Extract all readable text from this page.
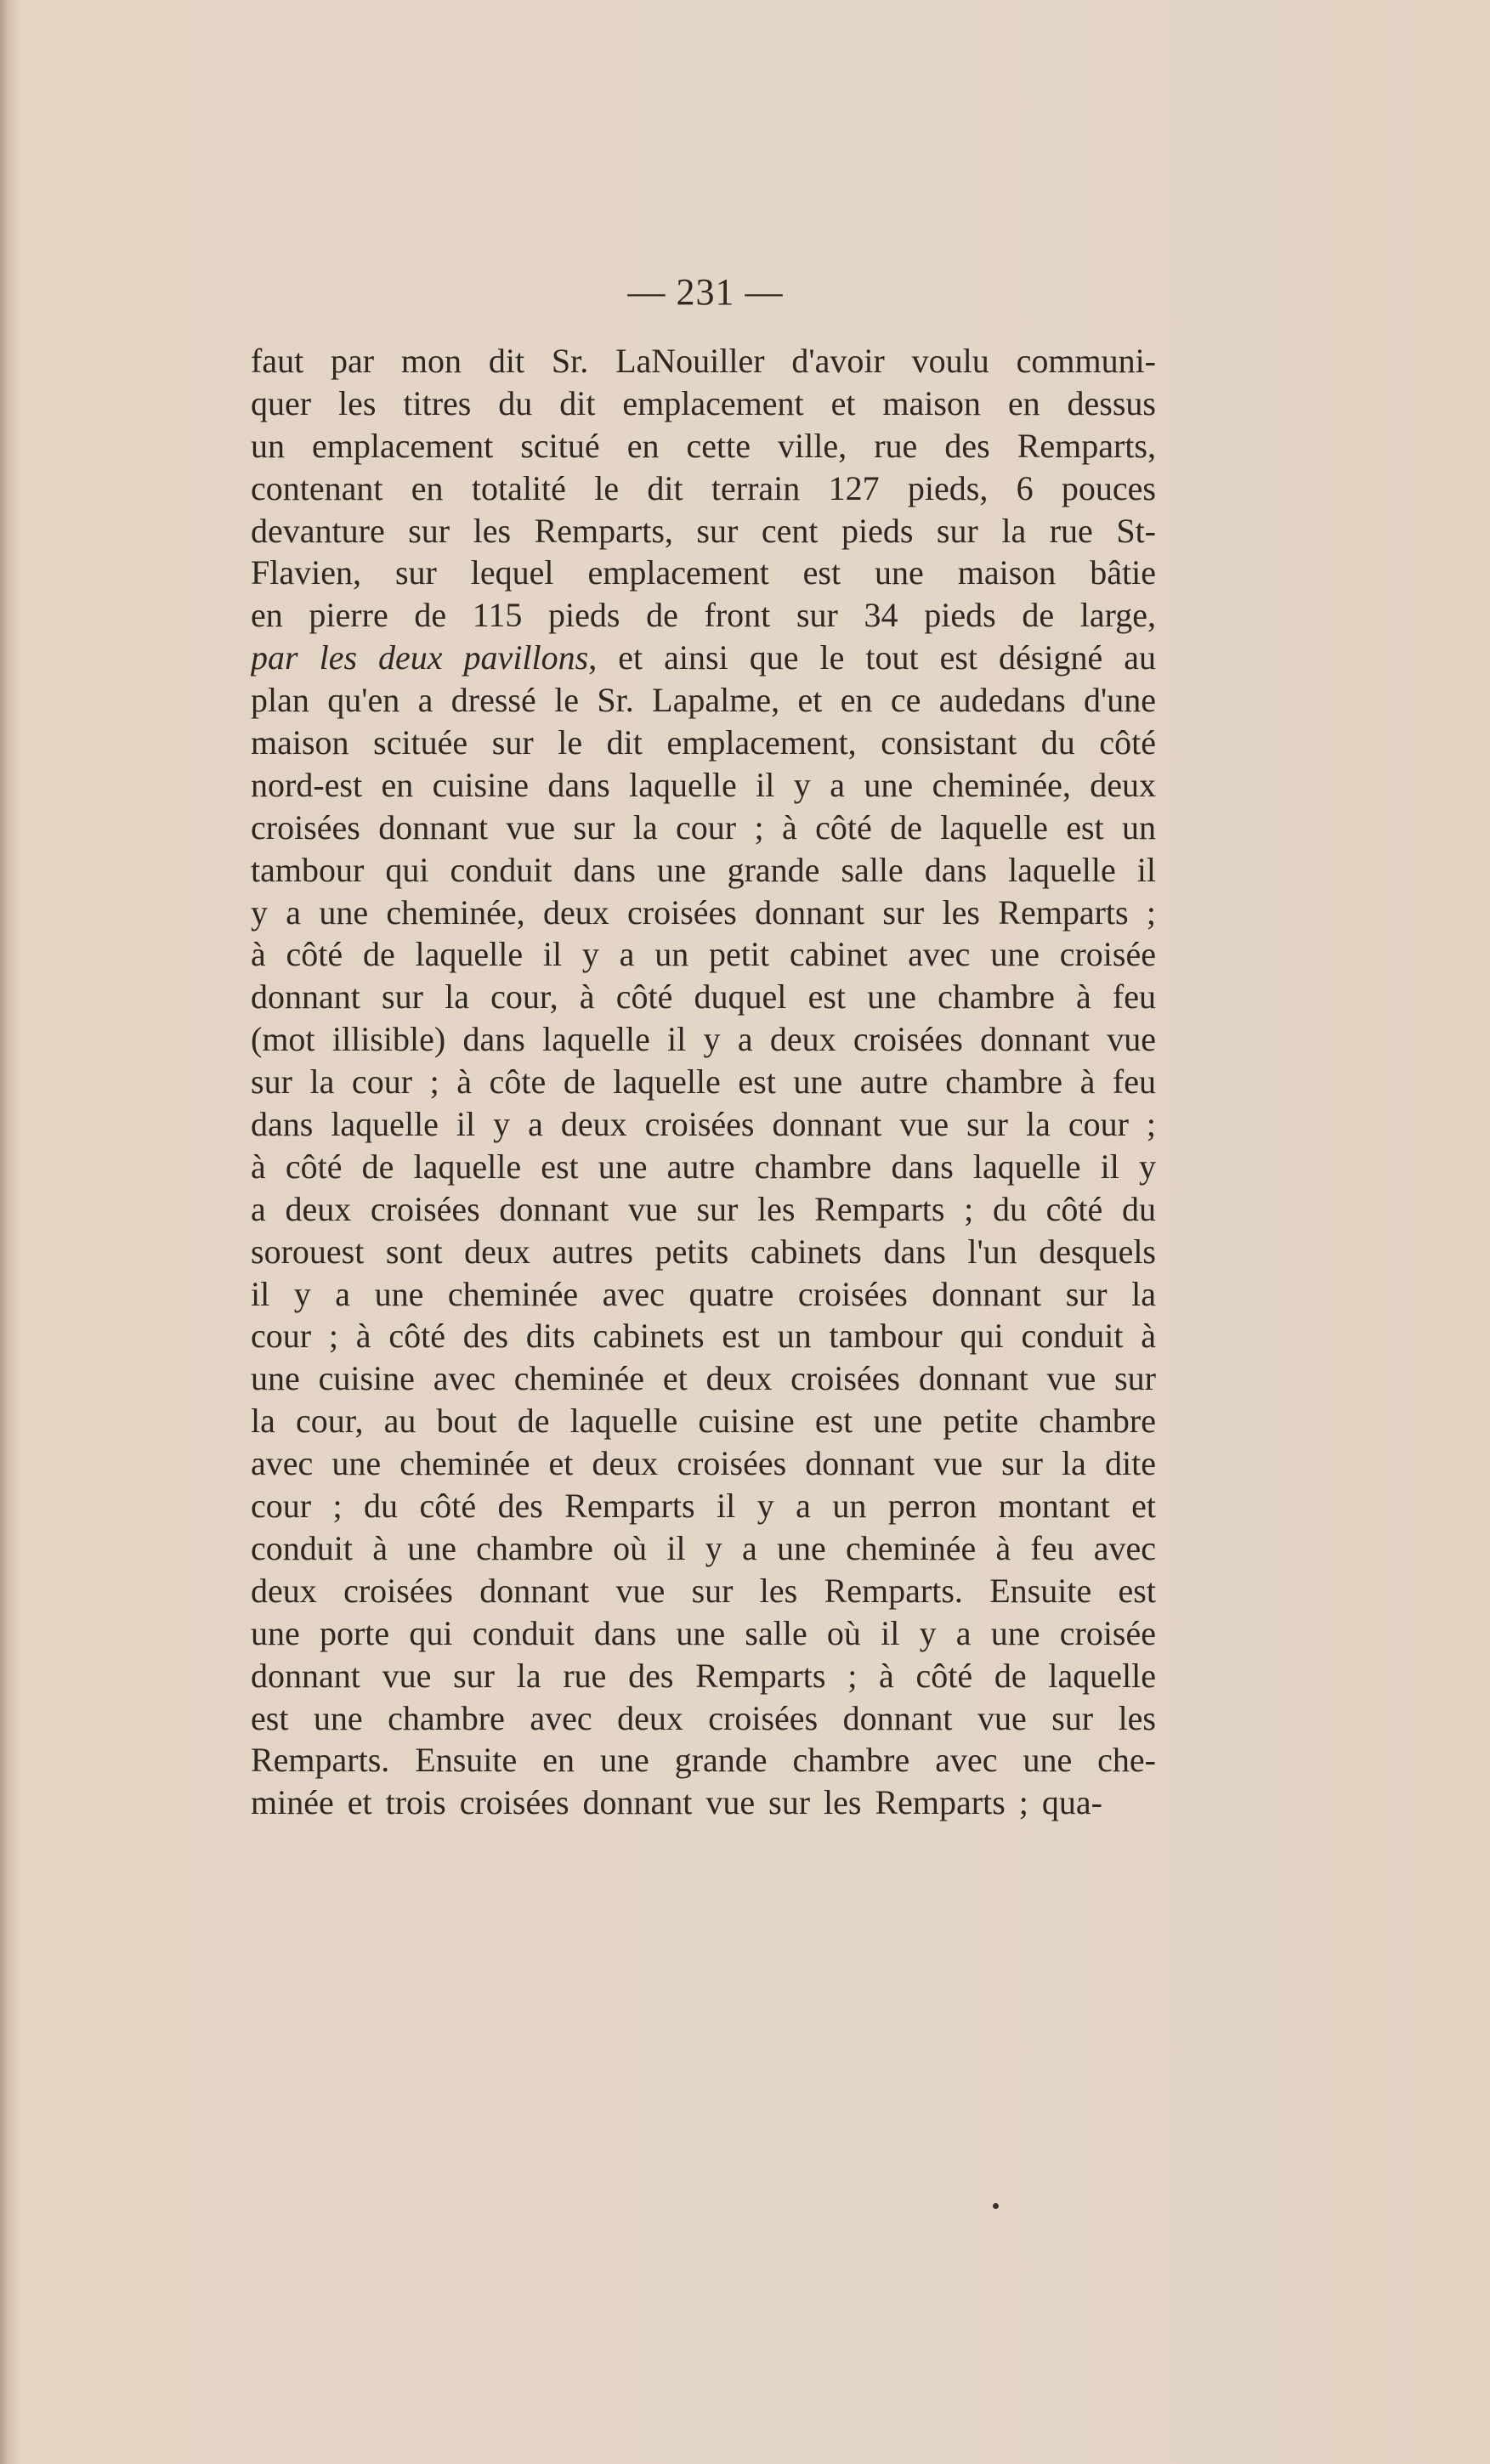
— 231 —
faut par mon dit Sr. LaNouiller d'avoir voulu communi-
quer les titres du dit emplacement et maison en dessus
un emplacement scitué en cette ville, rue des Remparts,
contenant en totalité le dit terrain 127 pieds, 6 pouces
devanture sur les Remparts, sur cent pieds sur la rue St-
Flavien, sur lequel emplacement est une maison bâtie
en pierre de 115 pieds de front sur 34 pieds de large,
par les deux pavillons, et ainsi que le tout est désigné au
plan qu'en a dressé le Sr. Lapalme, et en ce audedans d'une
maison scituée sur le dit emplacement, consistant du côté
nord-est en cuisine dans laquelle il y a une cheminée, deux
croisées donnant vue sur la cour ; à côté de laquelle est un
tambour qui conduit dans une grande salle dans laquelle il
y a une cheminée, deux croisées donnant sur les Remparts ;
à côté de laquelle il y a un petit cabinet avec une croisée
donnant sur la cour, à côté duquel est une chambre à feu
(mot illisible) dans laquelle il y a deux croisées donnant vue
sur la cour ; à côte de laquelle est une autre chambre à feu
dans laquelle il y a deux croisées donnant vue sur la cour ;
à côté de laquelle est une autre chambre dans laquelle il y
a deux croisées donnant vue sur les Remparts ; du côté du
sorouest sont deux autres petits cabinets dans l'un desquels
il y a une cheminée avec quatre croisées donnant sur la
cour ; à côté des dits cabinets est un tambour qui conduit à
une cuisine avec cheminée et deux croisées donnant vue sur
la cour, au bout de laquelle cuisine est une petite chambre
avec une cheminée et deux croisées donnant vue sur la dite
cour ; du côté des Remparts il y a un perron montant et
conduit à une chambre où il y a une cheminée à feu avec
deux croisées donnant vue sur les Remparts. Ensuite est
une porte qui conduit dans une salle où il y a une croisée
donnant vue sur la rue des Remparts ; à côté de laquelle
est une chambre avec deux croisées donnant vue sur les
Remparts. Ensuite en une grande chambre avec une che-
minée et trois croisées donnant vue sur les Remparts ; qua-
